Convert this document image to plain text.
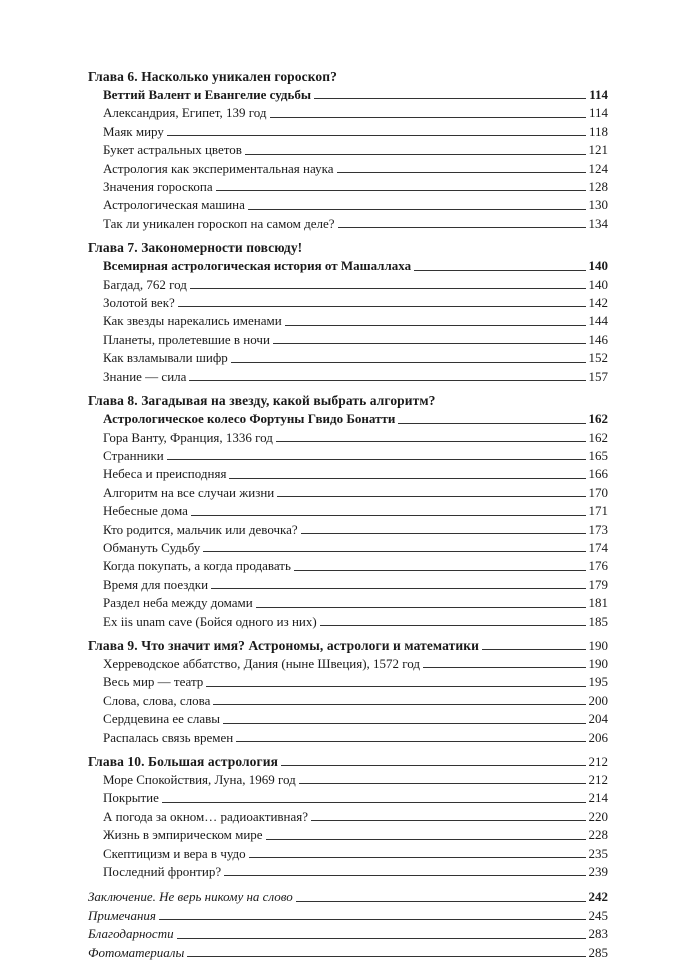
Глава 6. Насколько уникален гороскоп?
Веттий Валент и Евангелие судьбы	114
Александрия, Египет, 139 год	114
Маяк миру	118
Букет астральных цветов	121
Астрология как экспериментальная наука	124
Значения гороскопа	128
Астрологическая машина	130
Так ли уникален гороскоп на самом деле?	134
Глава 7. Закономерности повсюду!
Всемирная астрологическая история от Машаллаха	140
Багдад, 762 год	140
Золотой век?	142
Как звезды нарекались именами	144
Планеты, пролетевшие в ночи	146
Как взламывали шифр	152
Знание — сила	157
Глава 8. Загадывая на звезду, какой выбрать алгоритм?
Астрологическое колесо Фортуны Гвидо Бонатти	162
Гора Ванту, Франция, 1336 год	162
Странники	165
Небеса и преисподняя	166
Алгоритм на все случаи жизни	170
Небесные дома	171
Кто родится, мальчик или девочка?	173
Обмануть Судьбу	174
Когда покупать, а когда продавать	176
Время для поездки	179
Раздел неба между домами	181
Ex iis unam cave (Бойся одного из них)	185
Глава 9. Что значит имя? Астрономы, астрологи и математики	190
Херреводское аббатство, Дания (ныне Швеция), 1572 год	190
Весь мир — театр	195
Слова, слова, слова	200
Сердцевина ее славы	204
Распалась связь времен	206
Глава 10. Большая астрология	212
Море Спокойствия, Луна, 1969 год	212
Покрытие	214
А погода за окном… радиоактивная?	220
Жизнь в эмпирическом мире	228
Скептицизм и вера в чудо	235
Последний фронтир?	239
Заключение. Не верь никому на слово	242
Примечания	245
Благодарности	283
Фотоматериалы	285
